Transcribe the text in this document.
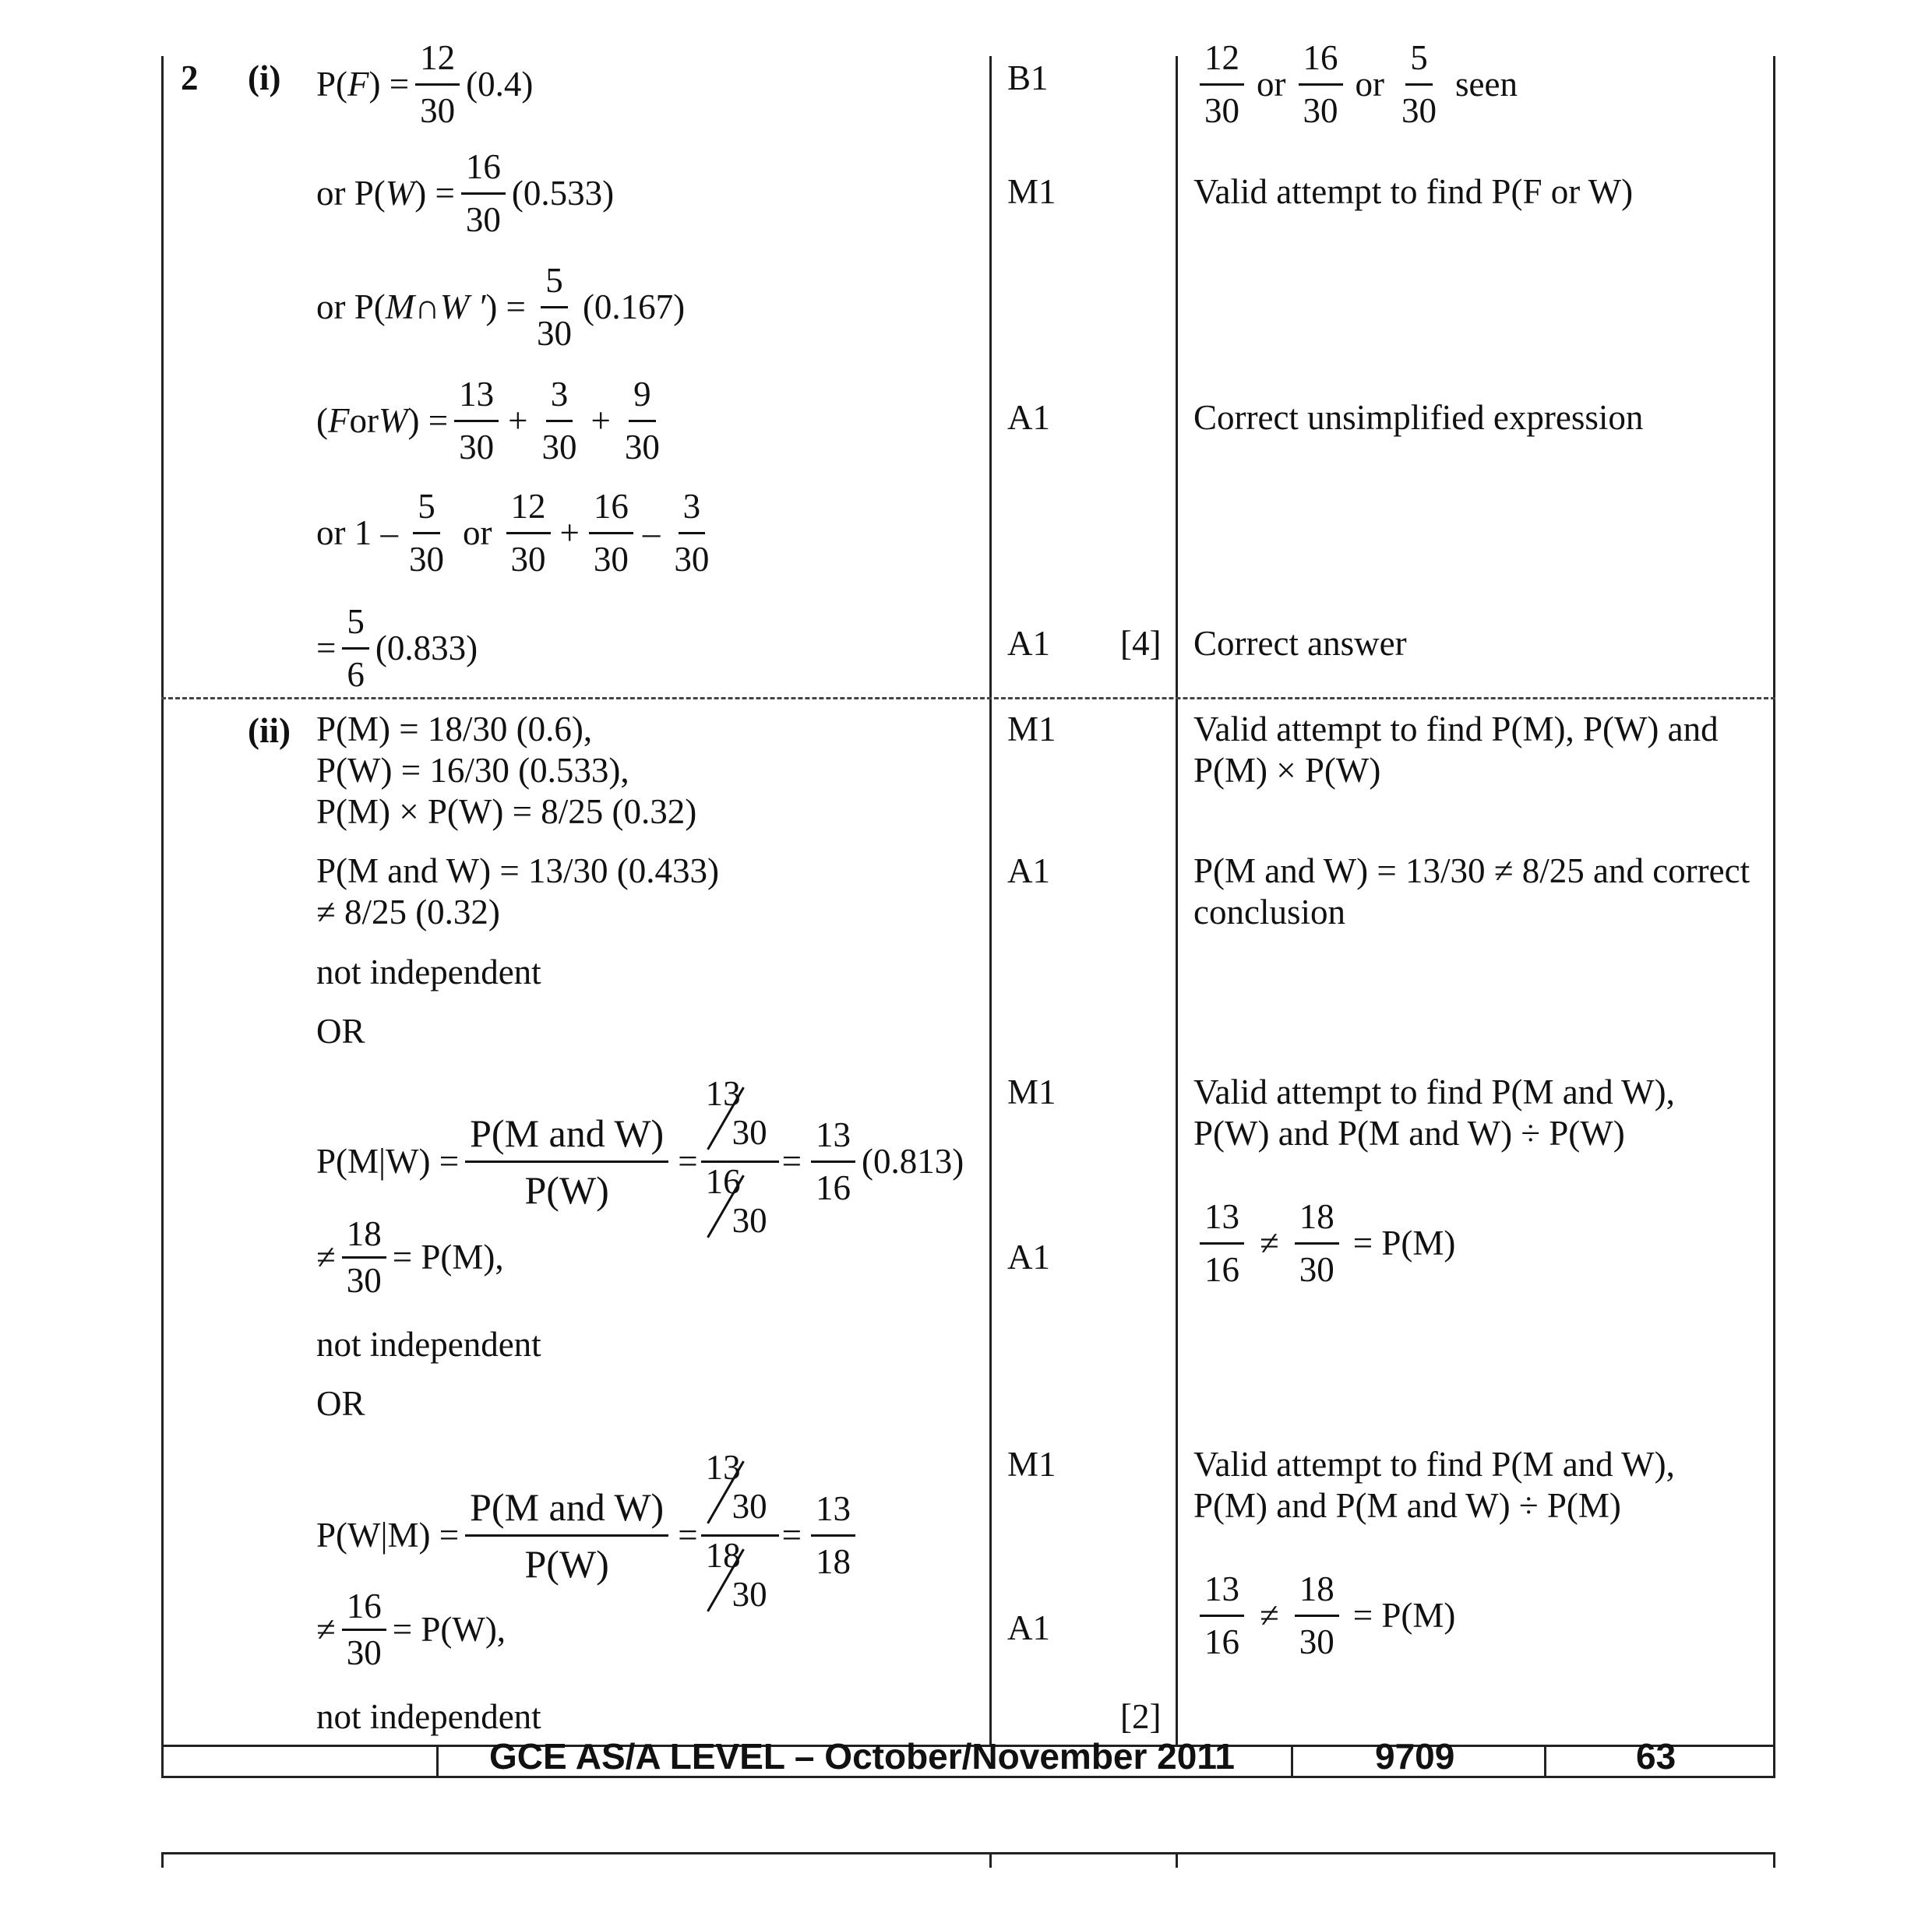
GCE AS/A LEVEL – October/November 2011	9709	63
2 (i)
(ii)
P( F ) = $\frac{12}{30} (0.4)$
or P( W ) = $\frac{16}{30} (0.533)$
or P( M∩W ′ ) = $\frac{5}{30} (0.167)$
( F or W ) = $\frac{13}{30} + \frac{3}{30} + \frac{9}{30}$
or $1 - \frac{5}{30}$ or $\frac{12}{30} + \frac{16}{30} - \frac{3}{30}$
= $\frac{5}{6} (0.833)$
P(M) = 18/30 (0.6),
P(W) = 16/30 (0.533),
P(M) × P(W) = 8/25 (0.32)
P(M and W) = 13/30 (0.433)
≠ 8/25 (0.32)
not independent
OR
$P(M|W) = \frac{\text{P(M and W)}}{P(W)}$ =
13
30
16
30
= $\frac{13}{16} (0.813)$
≠ $\frac{18}{30} = P(M)$,
not independent
OR
$P(W|M) = \frac{\text{P(M and W)}}{P(W)}$ =
13
30
18
30
= $\frac{13}{18}$
≠ $\frac{16}{30} = P(W)$,
not independent
B1
M1
A1
A1 [4]
M1
A1
M1
A1
M1
A1
[2]
$\frac{12}{30}$ or $\frac{16}{30}$ or $\frac{5}{30}$ seen
Valid attempt to find P(F or W)
Correct unsimplified expression
Correct answer
Valid attempt to find P(M), P(W) and
P(M) × P(W)
P(M and W) = 13/30 ≠ 8/25 and correct
conclusion
Valid attempt to find P(M and W),
P(W) and P(M and W) ÷ P(W)
$\frac{13}{16} \ne \frac{18}{30} = P(M)$
Valid attempt to find P(M and W),
P(M) and P(M and W) ÷ P(M)
$\frac{13}{16} \ne \frac{18}{30} = P(M)$
